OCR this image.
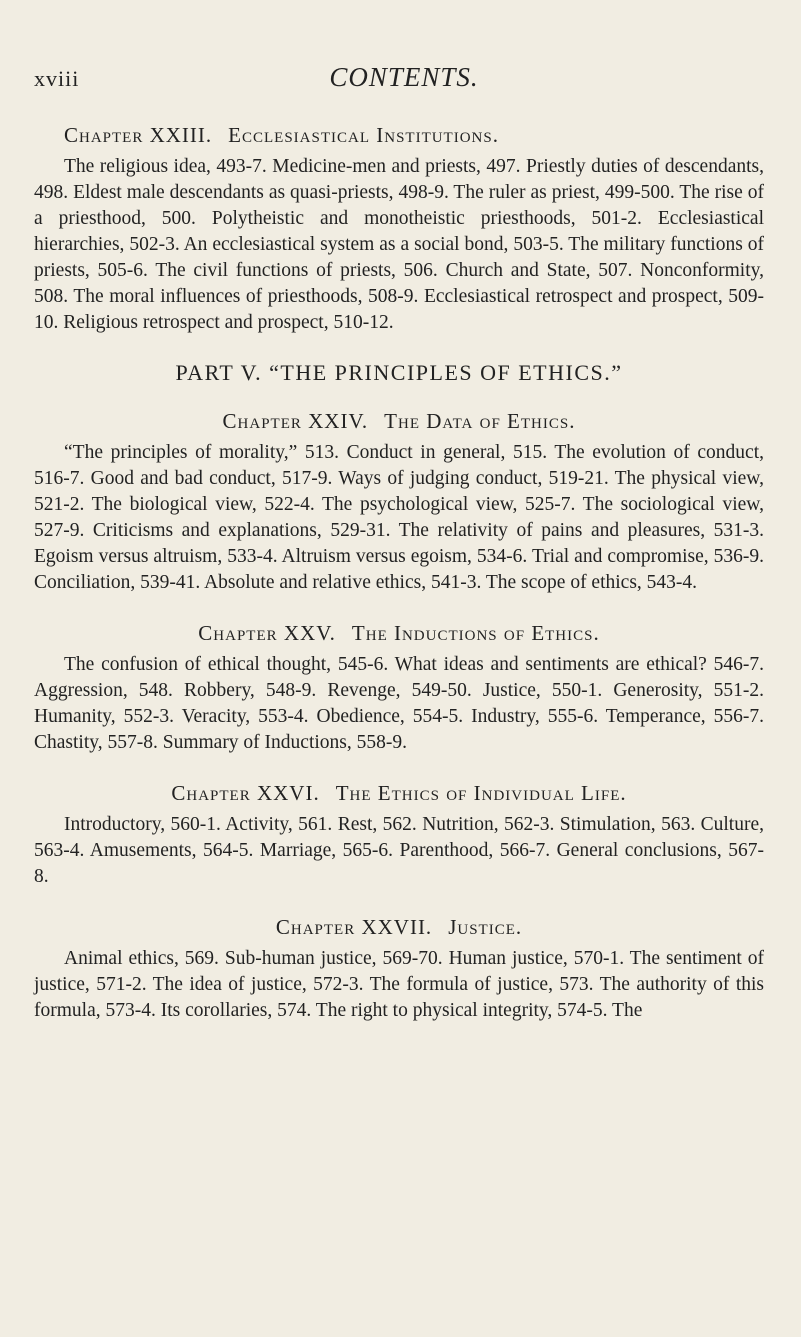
xviii	CONTENTS.
Chapter XXIII. Ecclesiastical Institutions.

The religious idea, 493-7. Medicine-men and priests, 497. Priestly duties of descendants, 498. Eldest male descendants as quasi-priests, 498-9. The ruler as priest, 499-500. The rise of a priesthood, 500. Polytheistic and monotheistic priesthoods, 501-2. Ecclesiastical hierarchies, 502-3. An ecclesiastical system as a social bond, 503-5. The military functions of priests, 505-6. The civil functions of priests, 506. Church and State, 507. Nonconformity, 508. The moral influences of priesthoods, 508-9. Ecclesiastical retrospect and prospect, 509-10. Religious retrospect and prospect, 510-12.

PART V. “THE PRINCIPLES OF ETHICS.”
Chapter XXIV. The Data of Ethics.

“The principles of morality,” 513. Conduct in general, 515. The evolution of conduct, 516-7. Good and bad conduct, 517-9. Ways of judging conduct, 519-21. The physical view, 521-2. The biological view, 522-4. The psychological view, 525-7. The sociological view, 527-9. Criticisms and explanations, 529-31. The relativity of pains and pleasures, 531-3. Egoism versus altruism, 533-4. Altruism versus egoism, 534-6. Trial and compromise, 536-9. Conciliation, 539-41. Absolute and relative ethics, 541-3. The scope of ethics, 543-4.

Chapter XXV. The Inductions of Ethics.

The confusion of ethical thought, 545-6. What ideas and sentiments are ethical? 546-7. Aggression, 548. Robbery, 548-9. Revenge, 549-50. Justice, 550-1. Generosity, 551-2. Humanity, 552-3. Veracity, 553-4. Obedience, 554-5. Industry, 555-6. Temperance, 556-7. Chastity, 557-8. Summary of Inductions, 558-9.

Chapter XXVI. The Ethics of Individual Life.

Introductory, 560-1. Activity, 561. Rest, 562. Nutrition, 562-3. Stimulation, 563. Culture, 563-4. Amusements, 564-5. Marriage, 565-6. Parenthood, 566-7. General conclusions, 567-8.

Chapter XXVII. Justice.

Animal ethics, 569. Sub-human justice, 569-70. Human justice, 570-1. The sentiment of justice, 571-2. The idea of justice, 572-3. The formula of justice, 573. The authority of this formula, 573-4. Its corollaries, 574. The right to physical integrity, 574-5. The
